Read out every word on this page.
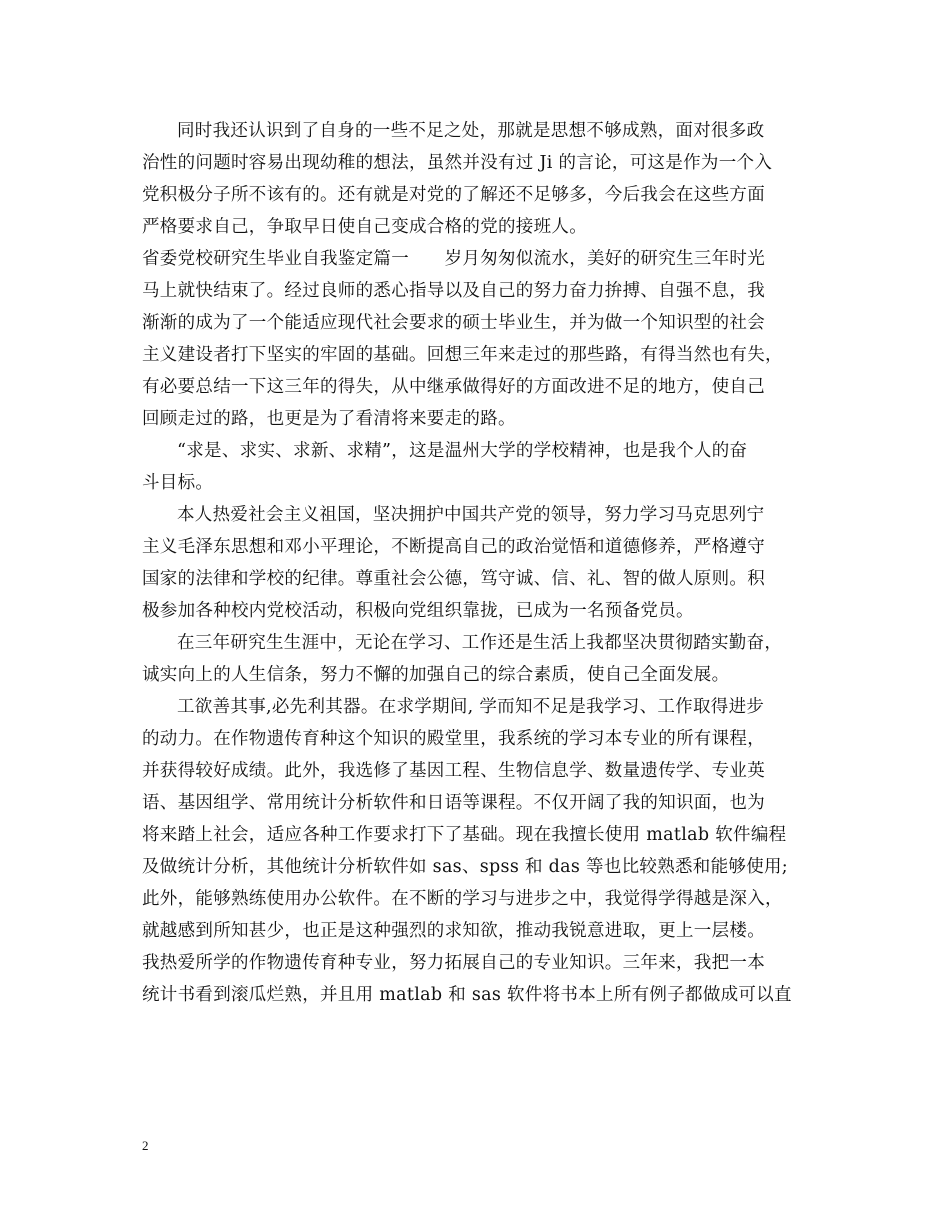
同时我还认识到了自身的一些不足之处，那就是思想不够成熟，面对很多政
治性的问题时容易出现幼稚的想法，虽然并没有过 Ji 的言论，可这是作为一个入
党积极分子所不该有的。还有就是对党的了解还不足够多，今后我会在这些方面
严格要求自己，争取早日使自己变成合格的党的接班人。
省委党校研究生毕业自我鉴定篇一　　岁月匆匆似流水，美好的研究生三年时光
马上就快结束了。经过良师的悉心指导以及自己的努力奋力拚搏、自强不息，我
渐渐的成为了一个能适应现代社会要求的硕士毕业生，并为做一个知识型的社会
主义建设者打下坚实的牢固的基础。回想三年来走过的那些路，有得当然也有失，
有必要总结一下这三年的得失，从中继承做得好的方面改进不足的地方，使自己
回顾走过的路，也更是为了看清将来要走的路。
“求是、求实、求新、求精”，这是温州大学的学校精神，也是我个人的奋
斗目标。
本人热爱社会主义祖国，坚决拥护中国共产党的领导，努力学习马克思列宁
主义毛泽东思想和邓小平理论，不断提高自己的政治觉悟和道德修养，严格遵守
国家的法律和学校的纪律。尊重社会公德，笃守诚、信、礼、智的做人原则。积
极参加各种校内党校活动，积极向党组织靠拢，已成为一名预备党员。
在三年研究生生涯中，无论在学习、工作还是生活上我都坚决贯彻踏实勤奋，
诚实向上的人生信条，努力不懈的加强自己的综合素质，使自己全面发展。
工欲善其事,必先利其器。在求学期间, 学而知不足是我学习、工作取得进步
的动力。在作物遗传育种这个知识的殿堂里，我系统的学习本专业的所有课程，
并获得较好成绩。此外，我选修了基因工程、生物信息学、数量遗传学、专业英
语、基因组学、常用统计分析软件和日语等课程。不仅开阔了我的知识面，也为
将来踏上社会，适应各种工作要求打下了基础。现在我擅长使用 matlab 软件编程
及做统计分析，其他统计分析软件如 sas、spss 和 das 等也比较熟悉和能够使用;
此外，能够熟练使用办公软件。在不断的学习与进步之中，我觉得学得越是深入，
就越感到所知甚少，也正是这种强烈的求知欲，推动我锐意进取，更上一层楼。
我热爱所学的作物遗传育种专业，努力拓展自己的专业知识。三年来，我把一本
统计书看到滚瓜烂熟，并且用 matlab 和 sas 软件将书本上所有例子都做成可以直
2
